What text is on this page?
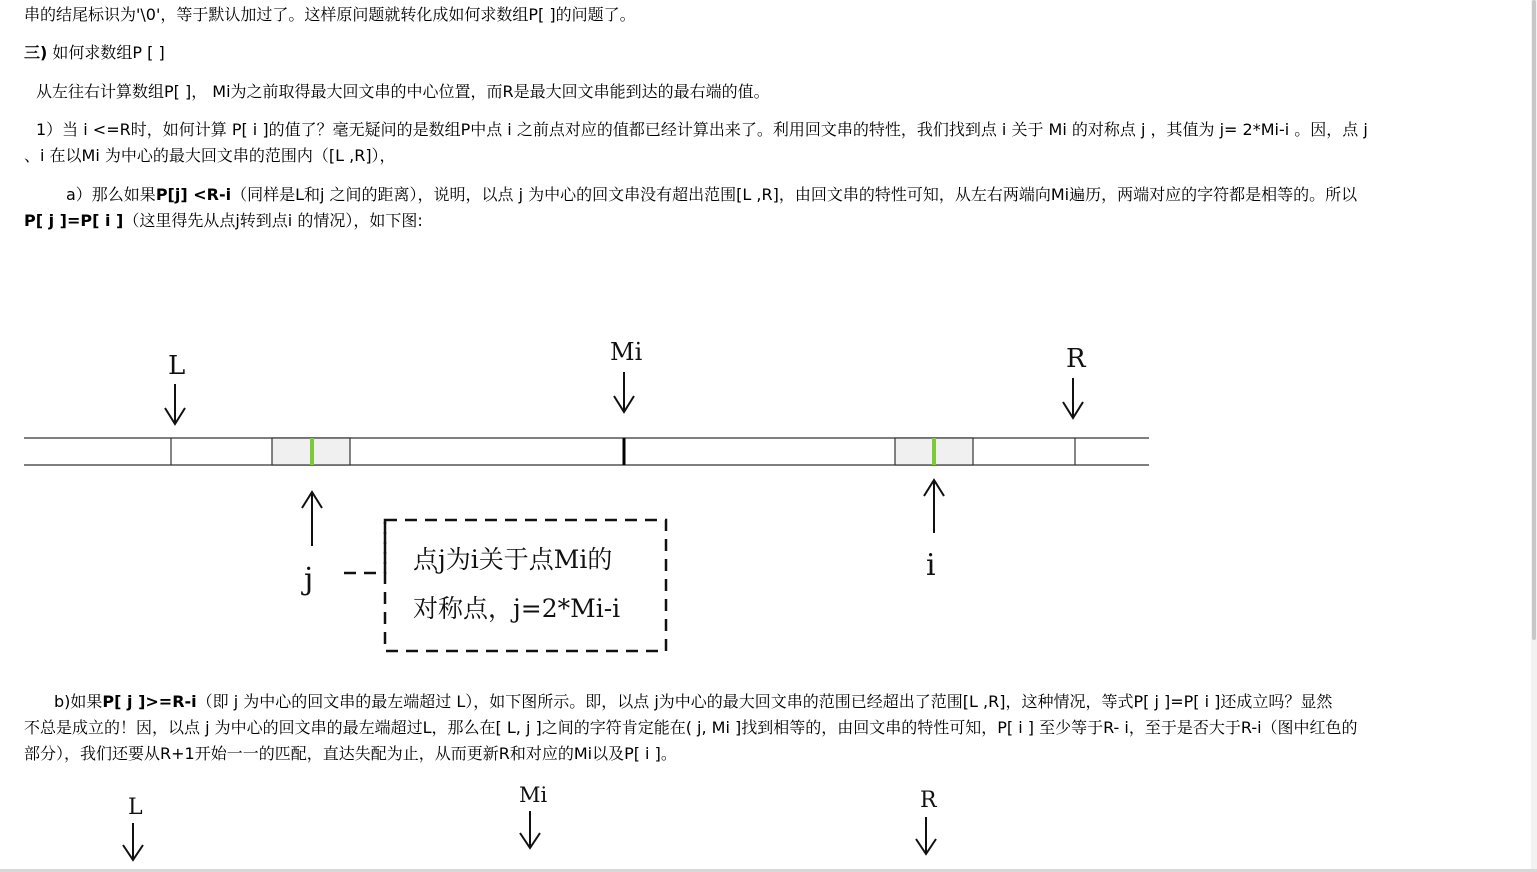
串的结尾标识为'\0'，等于默认加过了。这样原问题就转化成如何求数组P[ ]的问题了。
三) 如何求数组P [ ]
从左往右计算数组P[ ]， Mi为之前取得最大回文串的中心位置，而R是最大回文串能到达的最右端的值。
1）当 i <=R时，如何计算 P[ i ]的值了？毫无疑问的是数组P中点 i 之前点对应的值都已经计算出来了。利用回文串的特性，我们找到点 i 关于 Mi 的对称点 j ，其值为 j= 2*Mi-i 。因，点 j
、i 在以Mi 为中心的最大回文串的范围内（[L ,R]），
a）那么如果P[j] <R-i（同样是L和j 之间的距离），说明，以点 j 为中心的回文串没有超出范围[L ,R]，由回文串的特性可知，从左右两端向Mi遍历，两端对应的字符都是相等的。所以
P[ j ]=P[ i ]（这里得先从点j转到点i 的情况），如下图:
L	Mi	R
j	i
点j为i关于点Mi的
对称点，j=2*Mi-i
L	Mi	R
b)如果P[ j ]>=R-i（即 j 为中心的回文串的最左端超过 L），如下图所示。即，以点 j为中心的最大回文串的范围已经超出了范围[L ,R]，这种情况，等式P[ j ]=P[ i ]还成立吗？显然
不总是成立的！因，以点 j 为中心的回文串的最左端超过L，那么在[ L, j ]之间的字符肯定能在( j, Mi ]找到相等的，由回文串的特性可知，P[ i ] 至少等于R- i，至于是否大于R-i（图中红色的
部分），我们还要从R+1开始一一的匹配，直达失配为止，从而更新R和对应的Mi以及P[ i ]。
